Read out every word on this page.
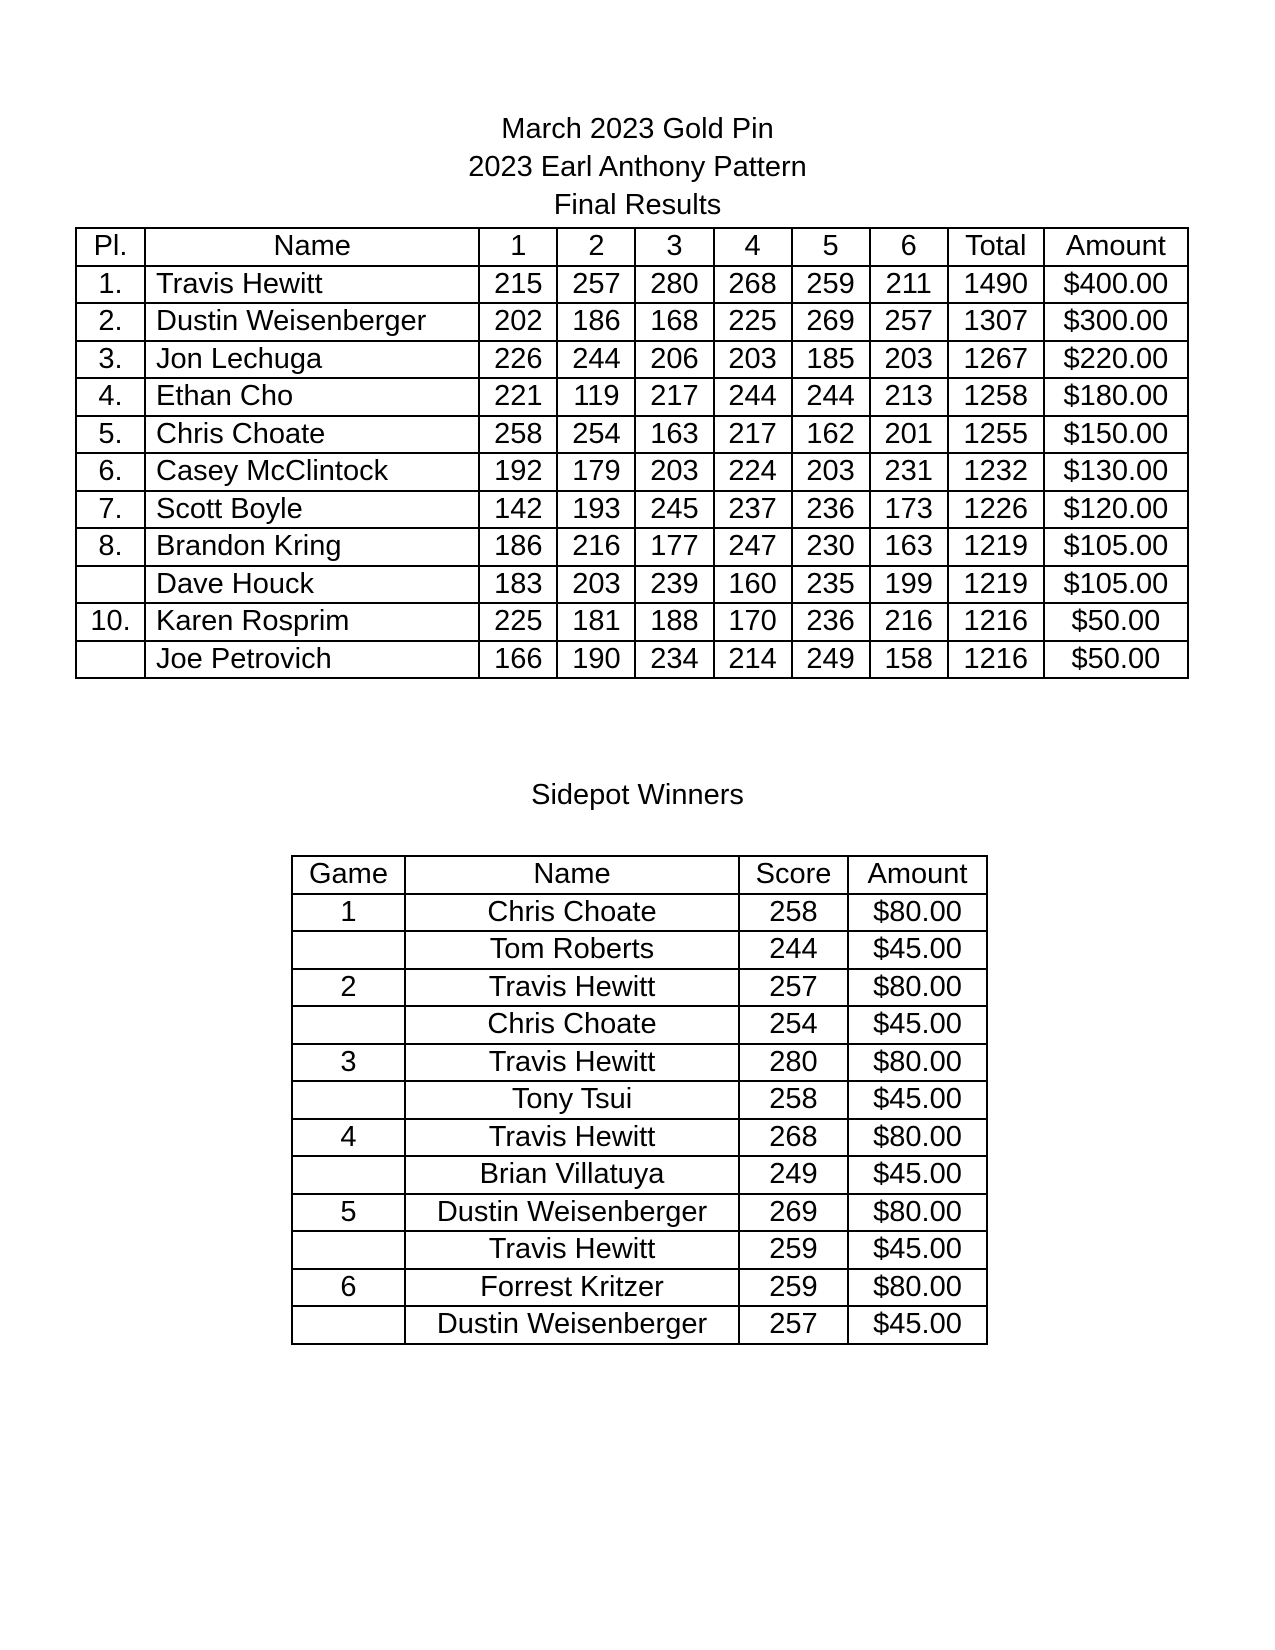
March 2023 Gold Pin
2023 Earl Anthony Pattern
Final Results
Pl.	Name	1	2	3	4	5	6	Total	Amount
1.	Travis Hewitt	215	257	280	268	259	211	1490	$400.00
2.	Dustin Weisenberger	202	186	168	225	269	257	1307	$300.00
3.	Jon Lechuga	226	244	206	203	185	203	1267	$220.00
4.	Ethan Cho	221	119	217	244	244	213	1258	$180.00
5.	Chris Choate	258	254	163	217	162	201	1255	$150.00
6.	Casey McClintock	192	179	203	224	203	231	1232	$130.00
7.	Scott Boyle	142	193	245	237	236	173	1226	$120.00
8.	Brandon Kring	186	216	177	247	230	163	1219	$105.00
	Dave Houck	183	203	239	160	235	199	1219	$105.00
10.	Karen Rosprim	225	181	188	170	236	216	1216	$50.00
	Joe Petrovich	166	190	234	214	249	158	1216	$50.00
Sidepot Winners
Game	Name	Score	Amount
1	Chris Choate	258	$80.00
	Tom Roberts	244	$45.00
2	Travis Hewitt	257	$80.00
	Chris Choate	254	$45.00
3	Travis Hewitt	280	$80.00
	Tony Tsui	258	$45.00
4	Travis Hewitt	268	$80.00
	Brian Villatuya	249	$45.00
5	Dustin Weisenberger	269	$80.00
	Travis Hewitt	259	$45.00
6	Forrest Kritzer	259	$80.00
	Dustin Weisenberger	257	$45.00
